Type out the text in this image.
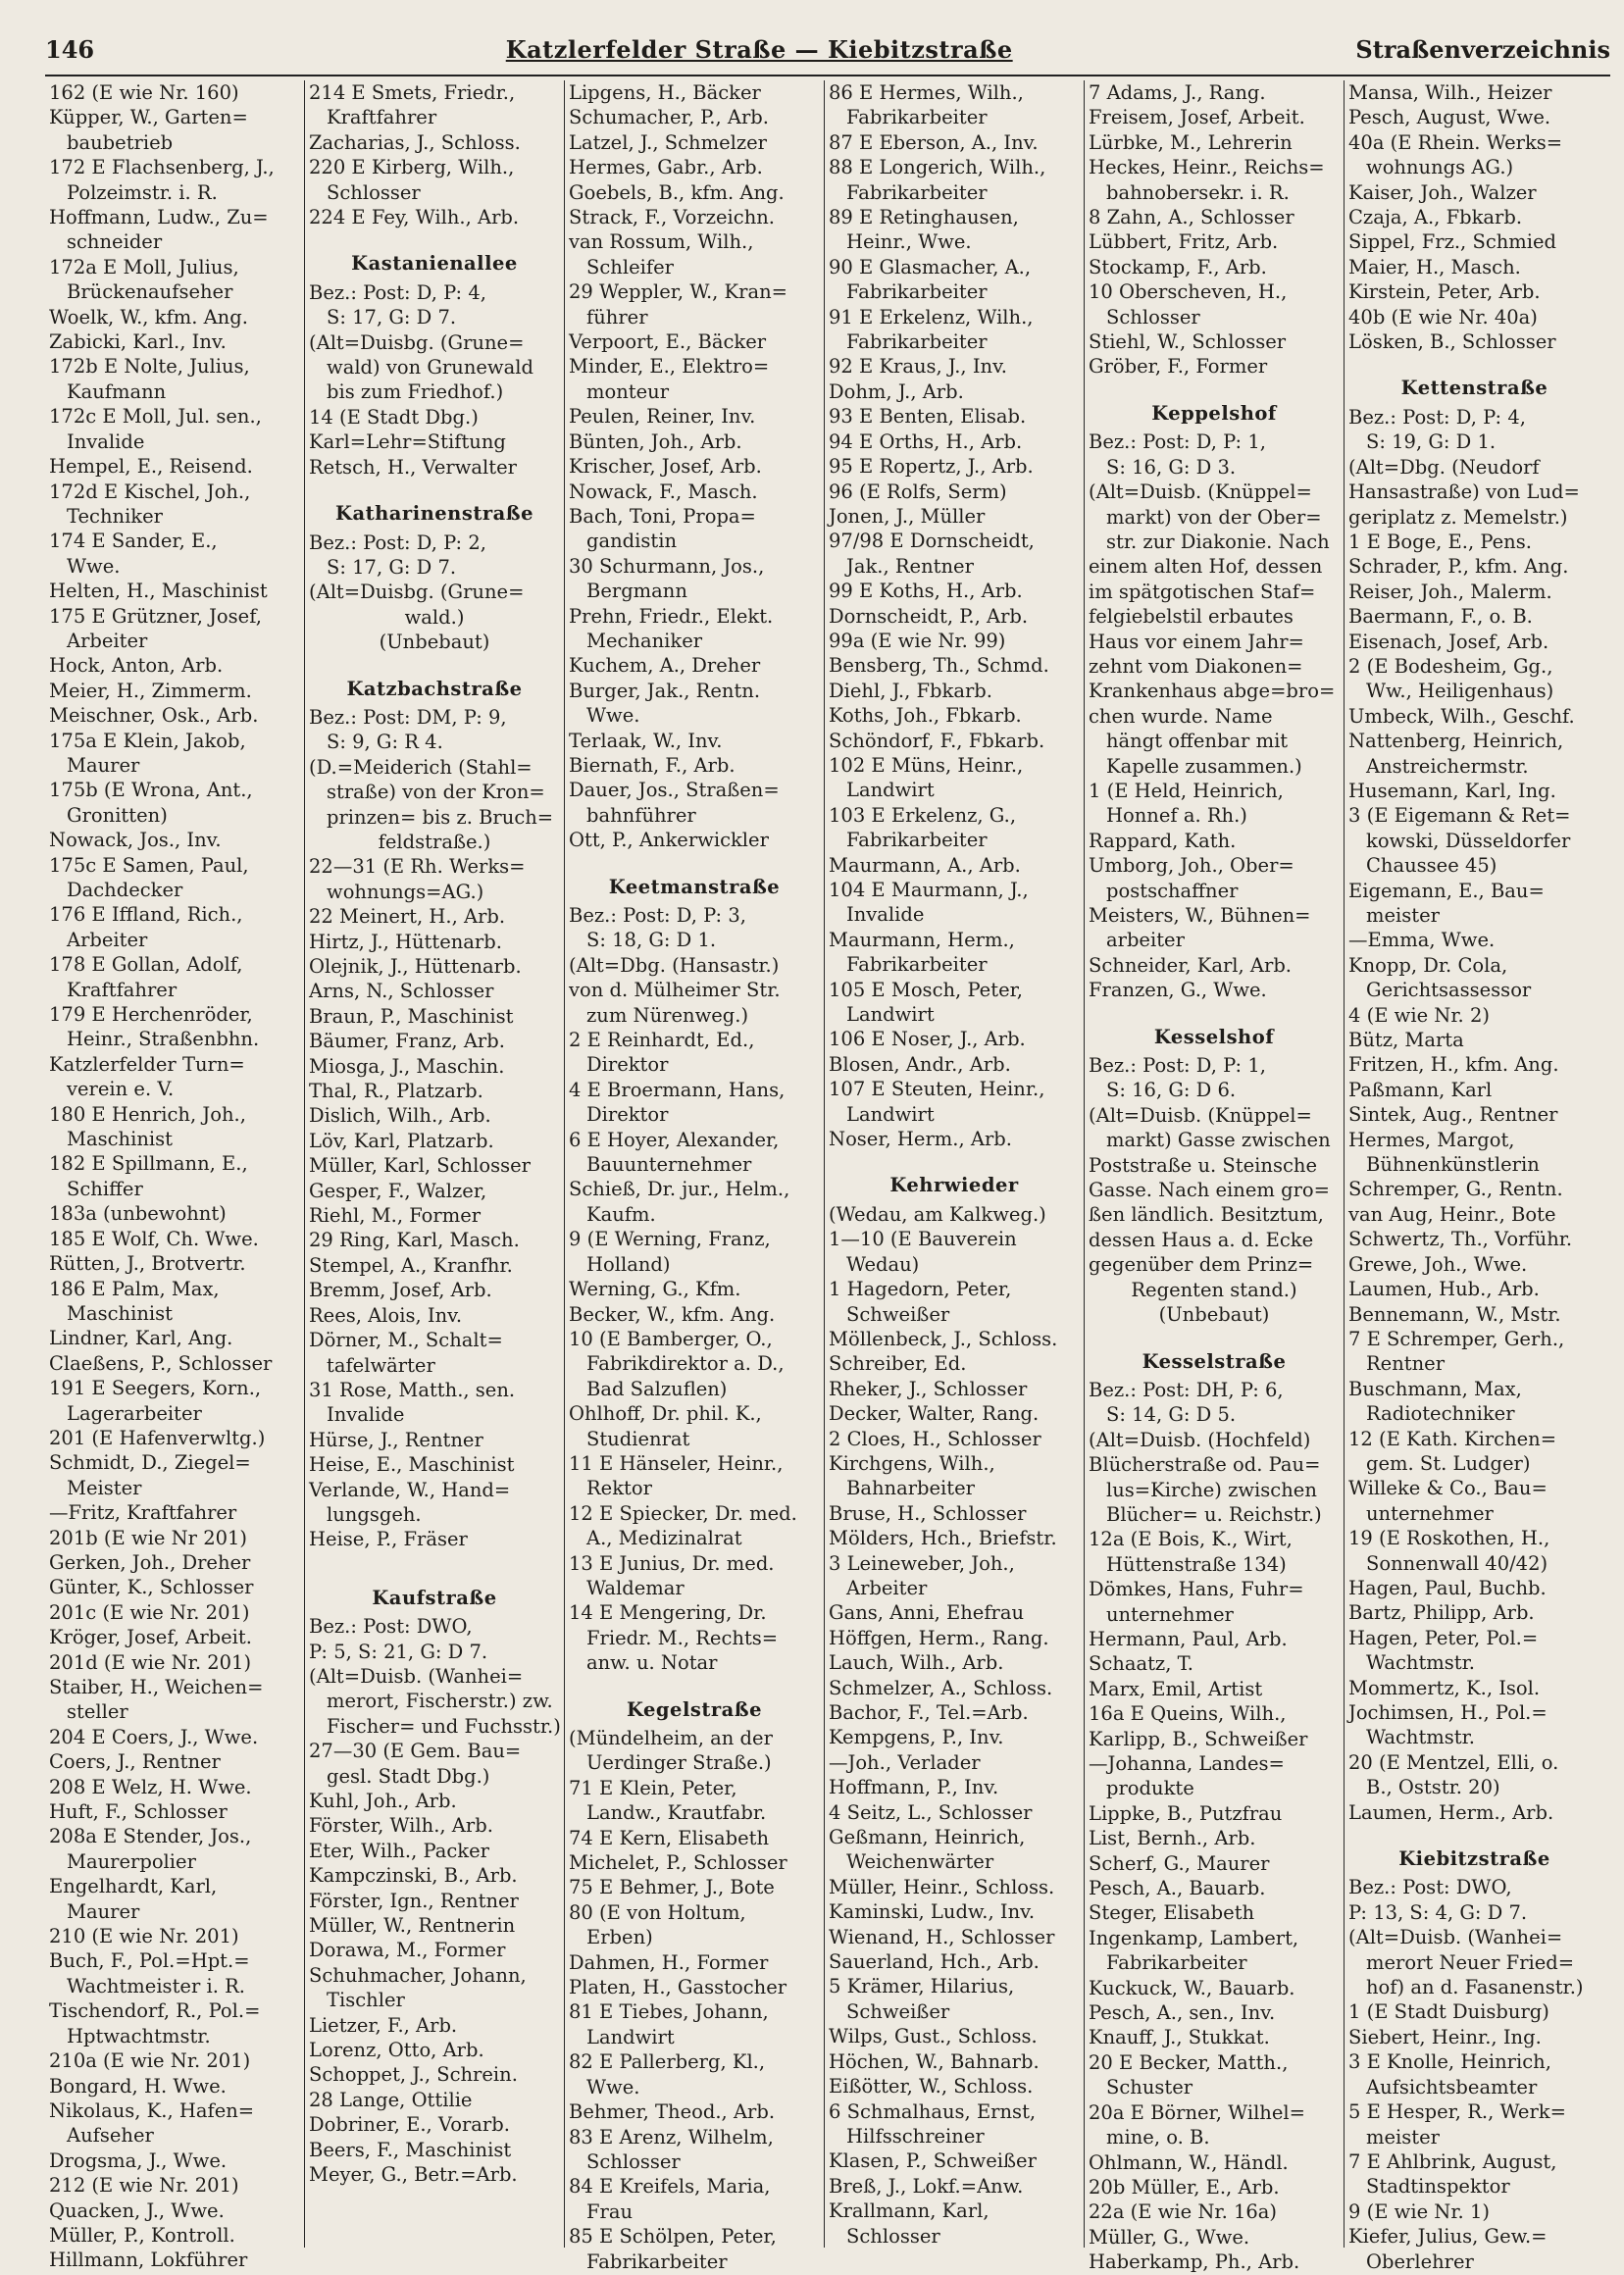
146	Katzlerfelder Straße — Kiebitzstraße	Straßenverzeichnis
162 (E wie Nr. 160)
Küpper, W., Garten=
baubetrieb
172 E Flachsenberg, J.,
Polzeimstr. i. R.
Hoffmann, Ludw., Zu=
schneider
172a E Moll, Julius,
Brückenaufseher
Woelk, W., kfm. Ang.
Zabicki, Karl., Inv.
172b E Nolte, Julius,
Kaufmann
172c E Moll, Jul. sen.,
Invalide
Hempel, E., Reisend.
172d E Kischel, Joh.,
Techniker
174 E Sander, E.,
Wwe.
Helten, H., Maschinist
175 E Grützner, Josef,
Arbeiter
Hock, Anton, Arb.
Meier, H., Zimmerm.
Meischner, Osk., Arb.
175a E Klein, Jakob,
Maurer
175b (E Wrona, Ant.,
Gronitten)
Nowack, Jos., Inv.
175c E Samen, Paul,
Dachdecker
176 E Iffland, Rich.,
Arbeiter
178 E Gollan, Adolf,
Kraftfahrer
179 E Herchenröder,
Heinr., Straßenbhn.
Katzlerfelder Turn=
verein e. V.
180 E Henrich, Joh.,
Maschinist
182 E Spillmann, E.,
Schiffer
183a (unbewohnt)
185 E Wolf, Ch. Wwe.
Rütten, J., Brotvertr.
186 E Palm, Max,
Maschinist
Lindner, Karl, Ang.
Claeßens, P., Schlosser
191 E Seegers, Korn.,
Lagerarbeiter
201 (E Hafenverwltg.)
Schmidt, D., Ziegel=
Meister
—Fritz, Kraftfahrer
201b (E wie Nr 201)
Gerken, Joh., Dreher
Günter, K., Schlosser
201c (E wie Nr. 201)
Kröger, Josef, Arbeit.
201d (E wie Nr. 201)
Staiber, H., Weichen=
steller
204 E Coers, J., Wwe.
Coers, J., Rentner
208 E Welz, H. Wwe.
Huft, F., Schlosser
208a E Stender, Jos.,
Maurerpolier
Engelhardt, Karl,
Maurer
210 (E wie Nr. 201)
Buch, F., Pol.=Hpt.=
Wachtmeister i. R.
Tischendorf, R., Pol.=
Hptwachtmstr.
210a (E wie Nr. 201)
Bongard, H. Wwe.
Nikolaus, K., Hafen=
Aufseher
Drogsma, J., Wwe.
212 (E wie Nr. 201)
Quacken, J., Wwe.
Müller, P., Kontroll.
Hillmann, Lokführer
214 E Smets, Friedr.,
Kraftfahrer
Zacharias, J., Schloss.
220 E Kirberg, Wilh.,
Schlosser
224 E Fey, Wilh., Arb.
Kastanienallee
Bez.: Post: D, P: 4,
S: 17, G: D 7.
(Alt=Duisbg. (Grune=
wald) von Grunewald
bis zum Friedhof.)
14 (E Stadt Dbg.)
Karl=Lehr=Stiftung
Retsch, H., Verwalter
Katharinenstraße
Bez.: Post: D, P: 2,
S: 17, G: D 7.
(Alt=Duisbg. (Grune=
wald.)
(Unbebaut)
Katzbachstraße
Bez.: Post: DM, P: 9,
S: 9, G: R 4.
(D.=Meiderich (Stahl=
straße) von der Kron=
prinzen= bis z. Bruch=
feldstraße.)
22—31 (E Rh. Werks=
wohnungs=AG.)
22 Meinert, H., Arb.
Hirtz, J., Hüttenarb.
Olejnik, J., Hüttenarb.
Arns, N., Schlosser
Braun, P., Maschinist
Bäumer, Franz, Arb.
Miosga, J., Maschin.
Thal, R., Platzarb.
Dislich, Wilh., Arb.
Löv, Karl, Platzarb.
Müller, Karl, Schlosser
Gesper, F., Walzer,
Riehl, M., Former
29 Ring, Karl, Masch.
Stempel, A., Kranfhr.
Bremm, Josef, Arb.
Rees, Alois, Inv.
Dörner, M., Schalt=
tafelwärter
31 Rose, Matth., sen.
Invalide
Hürse, J., Rentner
Heise, E., Maschinist
Verlande, W., Hand=
lungsgeh.
Heise, P., Fräser
Kaufstraße
Bez.: Post: DWO,
P: 5, S: 21, G: D 7.
(Alt=Duisb. (Wanhei=
merort, Fischerstr.) zw.
Fischer= und Fuchsstr.)
27—30 (E Gem. Bau=
gesl. Stadt Dbg.)
Kuhl, Joh., Arb.
Förster, Wilh., Arb.
Eter, Wilh., Packer
Kampczinski, B., Arb.
Förster, Ign., Rentner
Müller, W., Rentnerin
Dorawa, M., Former
Schuhmacher, Johann,
Tischler
Lietzer, F., Arb.
Lorenz, Otto, Arb.
Schoppet, J., Schrein.
28 Lange, Ottilie
Dobriner, E., Vorarb.
Beers, F., Maschinist
Meyer, G., Betr.=Arb.
Lipgens, H., Bäcker
Schumacher, P., Arb.
Latzel, J., Schmelzer
Hermes, Gabr., Arb.
Goebels, B., kfm. Ang.
Strack, F., Vorzeichn.
van Rossum, Wilh.,
Schleifer
29 Weppler, W., Kran=
führer
Verpoort, E., Bäcker
Minder, E., Elektro=
monteur
Peulen, Reiner, Inv.
Bünten, Joh., Arb.
Krischer, Josef, Arb.
Nowack, F., Masch.
Bach, Toni, Propa=
gandistin
30 Schurmann, Jos.,
Bergmann
Prehn, Friedr., Elekt.
Mechaniker
Kuchem, A., Dreher
Burger, Jak., Rentn.
Wwe.
Terlaak, W., Inv.
Biernath, F., Arb.
Dauer, Jos., Straßen=
bahnführer
Ott, P., Ankerwickler
Keetmanstraße
Bez.: Post: D, P: 3,
S: 18, G: D 1.
(Alt=Dbg. (Hansastr.)
von d. Mülheimer Str.
zum Nürenweg.)
2 E Reinhardt, Ed.,
Direktor
4 E Broermann, Hans,
Direktor
6 E Hoyer, Alexander,
Bauunternehmer
Schieß, Dr. jur., Helm.,
Kaufm.
9 (E Werning, Franz,
Holland)
Werning, G., Kfm.
Becker, W., kfm. Ang.
10 (E Bamberger, O.,
Fabrikdirektor a. D.,
Bad Salzuflen)
Ohlhoff, Dr. phil. K.,
Studienrat
11 E Hänseler, Heinr.,
Rektor
12 E Spiecker, Dr. med.
A., Medizinalrat
13 E Junius, Dr. med.
Waldemar
14 E Mengering, Dr.
Friedr. M., Rechts=
anw. u. Notar
Kegelstraße
(Mündelheim, an der
Uerdinger Straße.)
71 E Klein, Peter,
Landw., Krautfabr.
74 E Kern, Elisabeth
Michelet, P., Schlosser
75 E Behmer, J., Bote
80 (E von Holtum,
Erben)
Dahmen, H., Former
Platen, H., Gasstocher
81 E Tiebes, Johann,
Landwirt
82 E Pallerberg, Kl.,
Wwe.
Behmer, Theod., Arb.
83 E Arenz, Wilhelm,
Schlosser
84 E Kreifels, Maria,
Frau
85 E Schölpen, Peter,
Fabrikarbeiter
86 E Hermes, Wilh.,
Fabrikarbeiter
87 E Eberson, A., Inv.
88 E Longerich, Wilh.,
Fabrikarbeiter
89 E Retinghausen,
Heinr., Wwe.
90 E Glasmacher, A.,
Fabrikarbeiter
91 E Erkelenz, Wilh.,
Fabrikarbeiter
92 E Kraus, J., Inv.
Dohm, J., Arb.
93 E Benten, Elisab.
94 E Orths, H., Arb.
95 E Ropertz, J., Arb.
96 (E Rolfs, Serm)
Jonen, J., Müller
97/98 E Dornscheidt,
Jak., Rentner
99 E Koths, H., Arb.
Dornscheidt, P., Arb.
99a (E wie Nr. 99)
Bensberg, Th., Schmd.
Diehl, J., Fbkarb.
Koths, Joh., Fbkarb.
Schöndorf, F., Fbkarb.
102 E Müns, Heinr.,
Landwirt
103 E Erkelenz, G.,
Fabrikarbeiter
Maurmann, A., Arb.
104 E Maurmann, J.,
Invalide
Maurmann, Herm.,
Fabrikarbeiter
105 E Mosch, Peter,
Landwirt
106 E Noser, J., Arb.
Blosen, Andr., Arb.
107 E Steuten, Heinr.,
Landwirt
Noser, Herm., Arb.
Kehrwieder
(Wedau, am Kalkweg.)
1—10 (E Bauverein
Wedau)
1 Hagedorn, Peter,
Schweißer
Möllenbeck, J., Schloss.
Schreiber, Ed.
Rheker, J., Schlosser
Decker, Walter, Rang.
2 Cloes, H., Schlosser
Kirchgens, Wilh.,
Bahnarbeiter
Bruse, H., Schlosser
Mölders, Hch., Briefstr.
3 Leineweber, Joh.,
Arbeiter
Gans, Anni, Ehefrau
Höffgen, Herm., Rang.
Lauch, Wilh., Arb.
Schmelzer, A., Schloss.
Bachor, F., Tel.=Arb.
Kempgens, P., Inv.
—Joh., Verlader
Hoffmann, P., Inv.
4 Seitz, L., Schlosser
Geßmann, Heinrich,
Weichenwärter
Müller, Heinr., Schloss.
Kaminski, Ludw., Inv.
Wienand, H., Schlosser
Sauerland, Hch., Arb.
5 Krämer, Hilarius,
Schweißer
Wilps, Gust., Schloss.
Höchen, W., Bahnarb.
Eißötter, W., Schloss.
6 Schmalhaus, Ernst,
Hilfsschreiner
Klasen, P., Schweißer
Breß, J., Lokf.=Anw.
Krallmann, Karl,
Schlosser
7 Adams, J., Rang.
Freisem, Josef, Arbeit.
Lürbke, M., Lehrerin
Heckes, Heinr., Reichs=
bahnobersekr. i. R.
8 Zahn, A., Schlosser
Lübbert, Fritz, Arb.
Stockamp, F., Arb.
10 Oberscheven, H.,
Schlosser
Stiehl, W., Schlosser
Gröber, F., Former
Keppelshof
Bez.: Post: D, P: 1,
S: 16, G: D 3.
(Alt=Duisb. (Knüppel=
markt) von der Ober=
str. zur Diakonie. Nach
einem alten Hof, dessen
im spätgotischen Staf=
felgiebelstil erbautes
Haus vor einem Jahr=
zehnt vom Diakonen=
Krankenhaus abge=bro=
chen wurde. Name
hängt offenbar mit
Kapelle zusammen.)
1 (E Held, Heinrich,
Honnef a. Rh.)
Rappard, Kath.
Umborg, Joh., Ober=
postschaffner
Meisters, W., Bühnen=
arbeiter
Schneider, Karl, Arb.
Franzen, G., Wwe.
Kesselshof
Bez.: Post: D, P: 1,
S: 16, G: D 6.
(Alt=Duisb. (Knüppel=
markt) Gasse zwischen
Poststraße u. Steinsche
Gasse. Nach einem gro=
ßen ländlich. Besitztum,
dessen Haus a. d. Ecke
gegenüber dem Prinz=
Regenten stand.)
(Unbebaut)
Kesselstraße
Bez.: Post: DH, P: 6,
S: 14, G: D 5.
(Alt=Duisb. (Hochfeld)
Blücherstraße od. Pau=
lus=Kirche) zwischen
Blücher= u. Reichstr.)
12a (E Bois, K., Wirt,
Hüttenstraße 134)
Dömkes, Hans, Fuhr=
unternehmer
Hermann, Paul, Arb.
Schaatz, T.
Marx, Emil, Artist
16a E Queins, Wilh.,
Karlipp, B., Schweißer
—Johanna, Landes=
produkte
Lippke, B., Putzfrau
List, Bernh., Arb.
Scherf, G., Maurer
Pesch, A., Bauarb.
Steger, Elisabeth
Ingenkamp, Lambert,
Fabrikarbeiter
Kuckuck, W., Bauarb.
Pesch, A., sen., Inv.
Knauff, J., Stukkat.
20 E Becker, Matth.,
Schuster
20a E Börner, Wilhel=
mine, o. B.
Ohlmann, W., Händl.
20b Müller, E., Arb.
22a (E wie Nr. 16a)
Müller, G., Wwe.
Haberkamp, Ph., Arb.
Mansa, Wilh., Heizer
Pesch, August, Wwe.
40a (E Rhein. Werks=
wohnungs AG.)
Kaiser, Joh., Walzer
Czaja, A., Fbkarb.
Sippel, Frz., Schmied
Maier, H., Masch.
Kirstein, Peter, Arb.
40b (E wie Nr. 40a)
Lösken, B., Schlosser
Kettenstraße
Bez.: Post: D, P: 4,
S: 19, G: D 1.
(Alt=Dbg. (Neudorf
Hansastraße) von Lud=
geriplatz z. Memelstr.)
1 E Boge, E., Pens.
Schrader, P., kfm. Ang.
Reiser, Joh., Malerm.
Baermann, F., o. B.
Eisenach, Josef, Arb.
2 (E Bodesheim, Gg.,
Ww., Heiligenhaus)
Umbeck, Wilh., Geschf.
Nattenberg, Heinrich,
Anstreichermstr.
Husemann, Karl, Ing.
3 (E Eigemann & Ret=
kowski, Düsseldorfer
Chaussee 45)
Eigemann, E., Bau=
meister
—Emma, Wwe.
Knopp, Dr. Cola,
Gerichtsassessor
4 (E wie Nr. 2)
Bütz, Marta
Fritzen, H., kfm. Ang.
Paßmann, Karl
Sintek, Aug., Rentner
Hermes, Margot,
Bühnenkünstlerin
Schremper, G., Rentn.
van Aug, Heinr., Bote
Schwertz, Th., Vorführ.
Grewe, Joh., Wwe.
Laumen, Hub., Arb.
Bennemann, W., Mstr.
7 E Schremper, Gerh.,
Rentner
Buschmann, Max,
Radiotechniker
12 (E Kath. Kirchen=
gem. St. Ludger)
Willeke & Co., Bau=
unternehmer
19 (E Roskothen, H.,
Sonnenwall 40/42)
Hagen, Paul, Buchb.
Bartz, Philipp, Arb.
Hagen, Peter, Pol.=
Wachtmstr.
Mommertz, K., Isol.
Jochimsen, H., Pol.=
Wachtmstr.
20 (E Mentzel, Elli, o.
B., Oststr. 20)
Laumen, Herm., Arb.
Kiebitzstraße
Bez.: Post: DWO,
P: 13, S: 4, G: D 7.
(Alt=Duisb. (Wanhei=
merort Neuer Fried=
hof) an d. Fasanenstr.)
1 (E Stadt Duisburg)
Siebert, Heinr., Ing.
3 E Knolle, Heinrich,
Aufsichtsbeamter
5 E Hesper, R., Werk=
meister
7 E Ahlbrink, August,
Stadtinspektor
9 (E wie Nr. 1)
Kiefer, Julius, Gew.=
Oberlehrer
